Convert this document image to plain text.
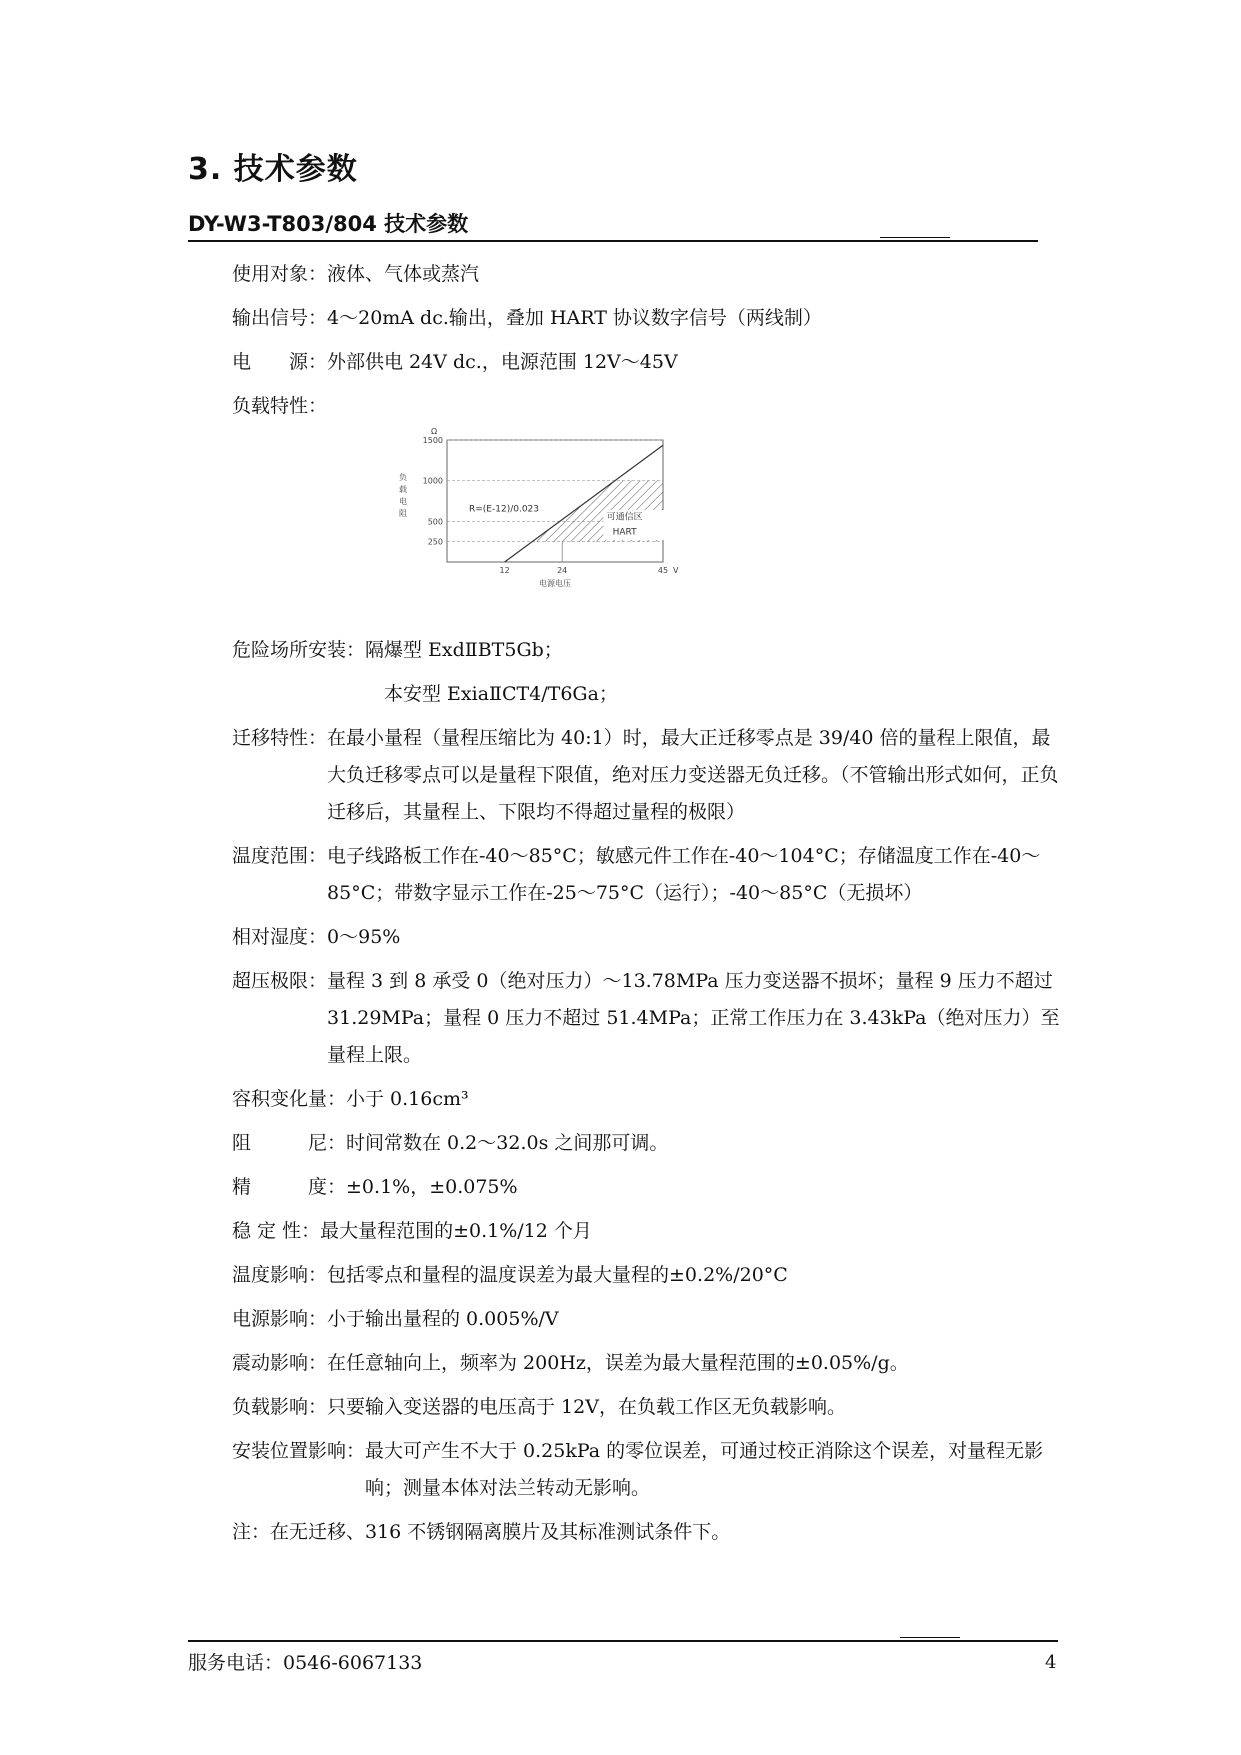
3. 技术参数
DY-W3-T803/804 技术参数
使用对象： 液体、气体或蒸汽
输出信号： 4～20mA dc.输出，叠加 HART 协议数字信号（两线制）
电　　源： 外部供电 24V dc.，电源范围 12V～45V
负载特性：
危险场所安装： 隔爆型 ExdⅡBT5Gb；
本安型 ExiaⅡCT4/T6Ga；
迁移特性： 在最小量程（量程压缩比为 40:1）时，最大正迁移零点是 39/40 倍的量程上限值，最大负迁移零点可以是量程下限值，绝对压力变送器无负迁移。（不管输出形式如何，正负迁移后，其量程上、下限均不得超过量程的极限）
温度范围： 电子线路板工作在-40～85°C；敏感元件工作在-40～104°C；存储温度工作在-40～85°C；带数字显示工作在-25～75°C（运行）；-40～85°C（无损坏）
相对湿度： 0～95%
超压极限： 量程 3 到 8 承受 0（绝对压力）～13.78MPa 压力变送器不损坏；量程 9 压力不超过 31.29MPa；量程 0 压力不超过 51.4MPa；正常工作压力在 3.43kPa（绝对压力）至量程上限。
容积变化量： 小于 0.16cm³
阻　　　尼： 时间常数在 0.2～32.0s 之间那可调。
精　　　度： ±0.1%，±0.075%
稳 定 性： 最大量程范围的±0.1%/12 个月
温度影响： 包括零点和量程的温度误差为最大量程的±0.2%/20°C
电源影响： 小于输出量程的 0.005%/V
震动影响： 在任意轴向上，频率为 200Hz，误差为最大量程范围的±0.05%/g。
负载影响： 只要输入变送器的电压高于 12V，在负载工作区无负载影响。
安装位置影响： 最大可产生不大于 0.25kPa 的零位误差，可通过校正消除这个误差，对量程无影响；测量本体对法兰转动无影响。
注：在无迁移、316 不锈钢隔离膜片及其标准测试条件下。
250
500
1000
1500
12	24	45 V
Ω
电源电压
负
载
电
阻	R=(E-12)/0.023
可通信区
HART
服务电话：0546-6067133	4
